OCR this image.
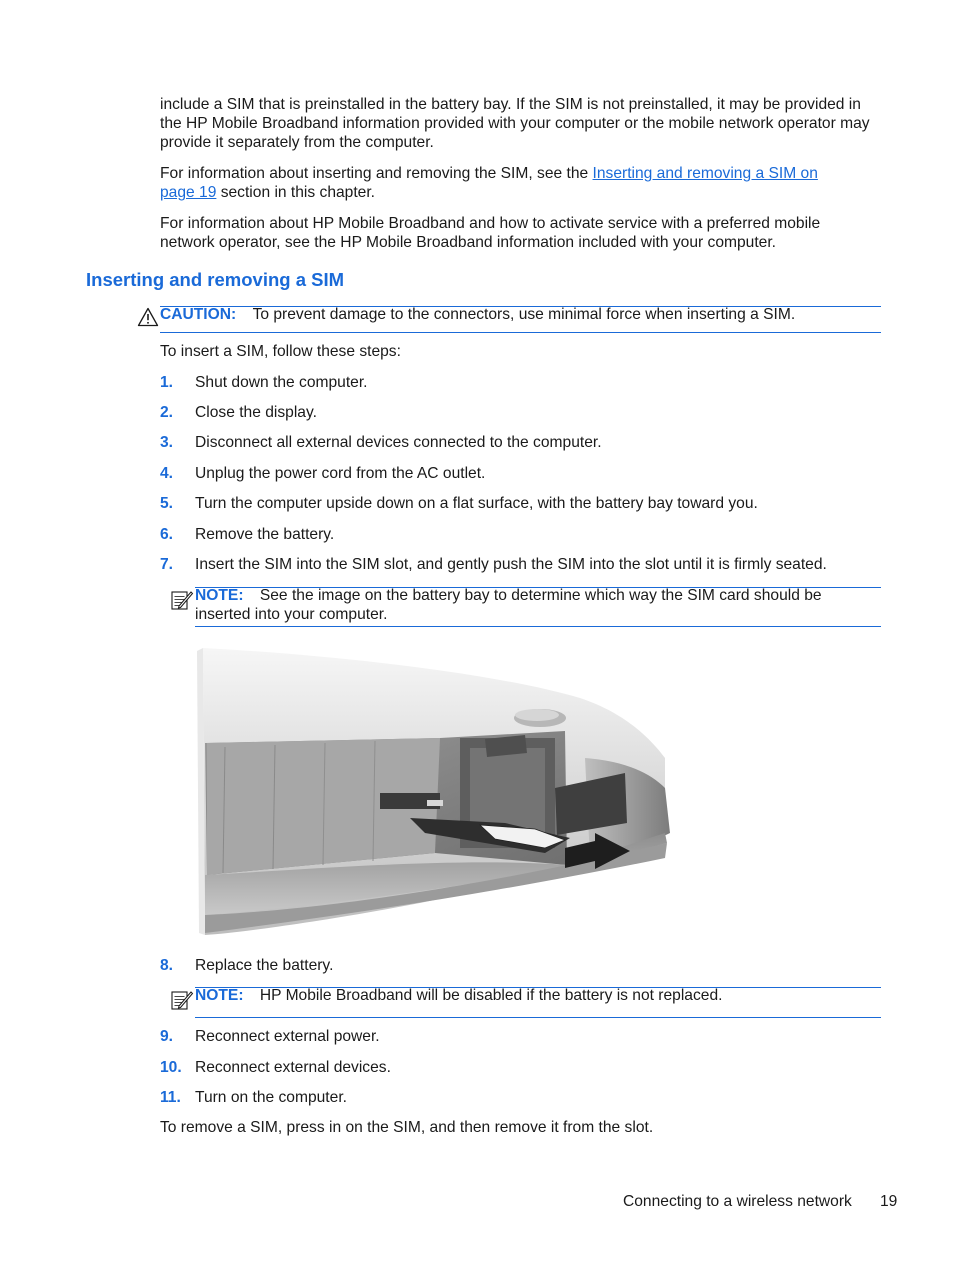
include a SIM that is preinstalled in the battery bay. If the SIM is not preinstalled, it may be provided in the HP Mobile Broadband information provided with your computer or the mobile network operator may provide it separately from the computer.

For information about inserting and removing the SIM, see the Inserting and removing a SIM on page 19 section in this chapter.

For information about HP Mobile Broadband and how to activate service with a preferred mobile network operator, see the HP Mobile Broadband information included with your computer.

Inserting and removing a SIM
CAUTION: To prevent damage to the connectors, use minimal force when inserting a SIM.

To insert a SIM, follow these steps:

1. Shut down the computer.
2. Close the display.
3. Disconnect all external devices connected to the computer.
4. Unplug the power cord from the AC outlet.
5. Turn the computer upside down on a flat surface, with the battery bay toward you.
6. Remove the battery.
7. Insert the SIM into the SIM slot, and gently push the SIM into the slot until it is firmly seated.
NOTE: See the image on the battery bay to determine which way the SIM card should be inserted into your computer.
8. Replace the battery.
NOTE: HP Mobile Broadband will be disabled if the battery is not replaced.
9. Reconnect external power.
10. Reconnect external devices.
11. Turn on the computer.

To remove a SIM, press in on the SIM, and then remove it from the slot.

Connecting to a wireless network 19
